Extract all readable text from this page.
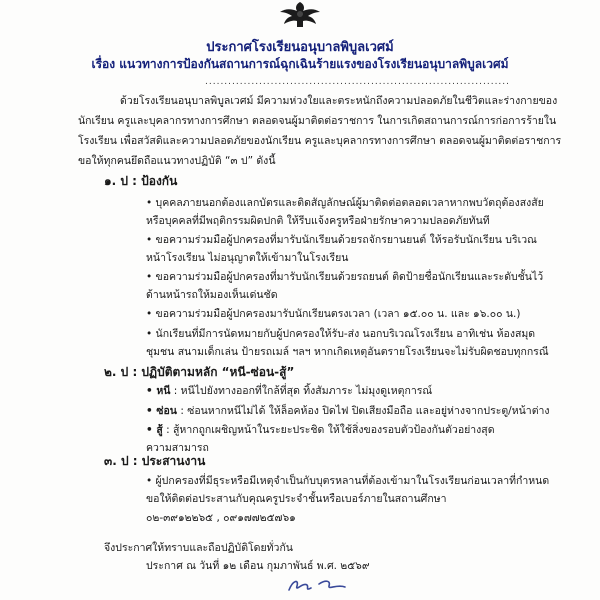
ประกาศโรงเรียนอนุบาลพิบูลเวศม์
เรื่อง แนวทางการป้องกันสถานการณ์ฉุกเฉินร้ายแรงของโรงเรียนอนุบาลพิบูลเวศม์
...............................................................................
ด้วยโรงเรียนอนุบาลพิบูลเวศม์ มีความห่วงใยและตระหนักถึงความปลอดภัยในชีวิตและร่างกายของ
นักเรียน ครูและบุคลากรทางการศึกษา ตลอดจนผู้มาติดต่อราชการ ในการเกิดสถานการณ์การก่อการร้ายใน
โรงเรียน เพื่อสวัสดิและความปลอดภัยของนักเรียน ครูและบุคลากรทางการศึกษา ตลอดจนผู้มาติดต่อราชการ
ขอให้ทุกคนยึดถือแนวทางปฏิบัติ “๓ ป” ดังนี้
๑. ป : ป้องกัน
• บุคคลภายนอกต้องแลกบัตรและติดสัญลักษณ์ผู้มาติดต่อตลอดเวลาหากพบวัตถุต้องสงสัย
หรือบุคคลที่มีพฤติกรรมผิดปกติ ให้รีบแจ้งครูหรือฝ่ายรักษาความปลอดภัยทันที
• ขอความร่วมมือผู้ปกครองที่มารับนักเรียนด้วยรถจักรยานยนต์ ให้รอรับนักเรียน บริเวณ
หน้าโรงเรียน ไม่อนุญาตให้เข้ามาในโรงเรียน
• ขอความร่วมมือผู้ปกครองที่มารับนักเรียนด้วยรถยนต์ ติดป้ายชื่อนักเรียนและระดับชั้นไว้
ด้านหน้ารถให้มองเห็นเด่นชัด
• ขอความร่วมมือผู้ปกครองมารับนักเรียนตรงเวลา (เวลา ๑๕.๐๐ น. และ ๑๖.๐๐ น.)
• นักเรียนที่มีการนัดหมายกับผู้ปกครองให้รับ-ส่ง นอกบริเวณโรงเรียน อาทิเช่น ห้องสมุด
ชุมชน สนามเด็กเล่น ป้ายรถเมล์ ฯลฯ หากเกิดเหตุอันตรายโรงเรียนจะไม่รับผิดชอบทุกกรณี
๒. ป : ปฏิบัติตามหลัก “หนี-ซ่อน-สู้”
• หนี : หนีไปยังทางออกที่ใกล้ที่สุด ทิ้งสัมภาระ ไม่มุงดูเหตุการณ์
• ซ่อน : ซ่อนหากหนีไม่ได้ ให้ล็อคห้อง ปิดไฟ ปิดเสียงมือถือ และอยู่ห่างจากประตู/หน้าต่าง
• สู้ : สู้หากถูกเผชิญหน้าในระยะประชิด ให้ใช้สิ่งของรอบตัวป้องกันตัวอย่างสุด
ความสามารถ
๓. ป : ประสานงาน
• ผู้ปกครองที่มีธุระหรือมีเหตุจำเป็นกับบุตรหลานที่ต้องเข้ามาในโรงเรียนก่อนเวลาที่กำหนด
ขอให้ติดต่อประสานกับคุณครูประจำชั้นหรือเบอร์ภายในสถานศึกษา
๐๒-๓๙๑๒๒๖๕ , ๐๙๑๗๗๒๕๗๖๑
จึงประกาศให้ทราบและถือปฏิบัติโดยทั่วกัน
ประกาศ ณ วันที่ ๑๒ เดือน กุมภาพันธ์ พ.ศ. ๒๕๖๙
